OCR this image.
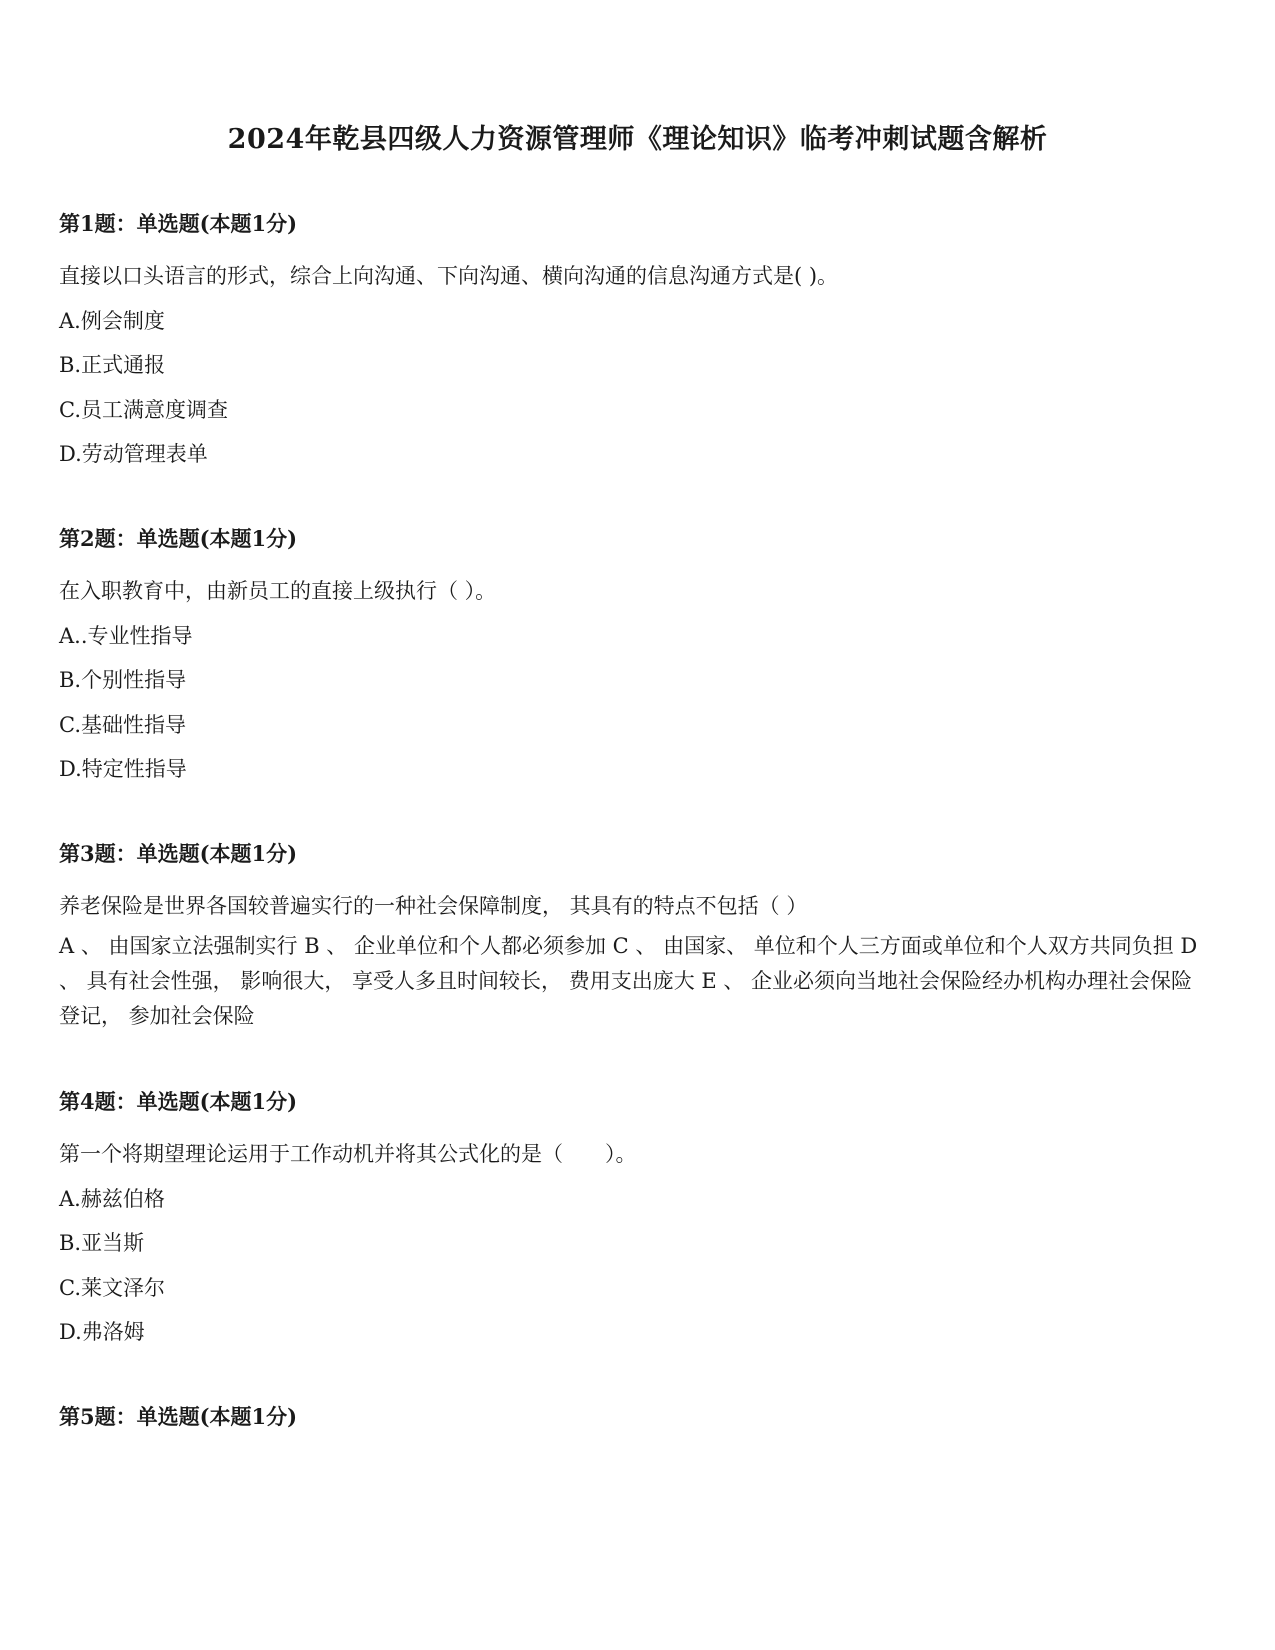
2024年乾县四级人力资源管理师《理论知识》临考冲刺试题含解析
第1题：单选题(本题1分)
直接以口头语言的形式，综合上向沟通、下向沟通、横向沟通的信息沟通方式是( )。
A.例会制度
B.正式通报
C.员工满意度调查
D.劳动管理表单
第2题：单选题(本题1分)
在入职教育中，由新员工的直接上级执行（ ）。
A..专业性指导
B.个别性指导
C.基础性指导
D.特定性指导
第3题：单选题(本题1分)
养老保险是世界各国较普遍实行的一种社会保障制度， 其具有的特点不包括（ ）
A 、 由国家立法强制实行 B 、 企业单位和个人都必须参加 C 、 由国家、 单位和个人三方面或单位和个人双方共同负担 D 、 具有社会性强， 影响很大， 享受人多且时间较长， 费用支出庞大 E 、 企业必须向当地社会保险经办机构办理社会保险登记， 参加社会保险
第4题：单选题(本题1分)
第一个将期望理论运用于工作动机并将其公式化的是（　　）。
A.赫兹伯格
B.亚当斯
C.莱文泽尔
D.弗洛姆
第5题：单选题(本题1分)
